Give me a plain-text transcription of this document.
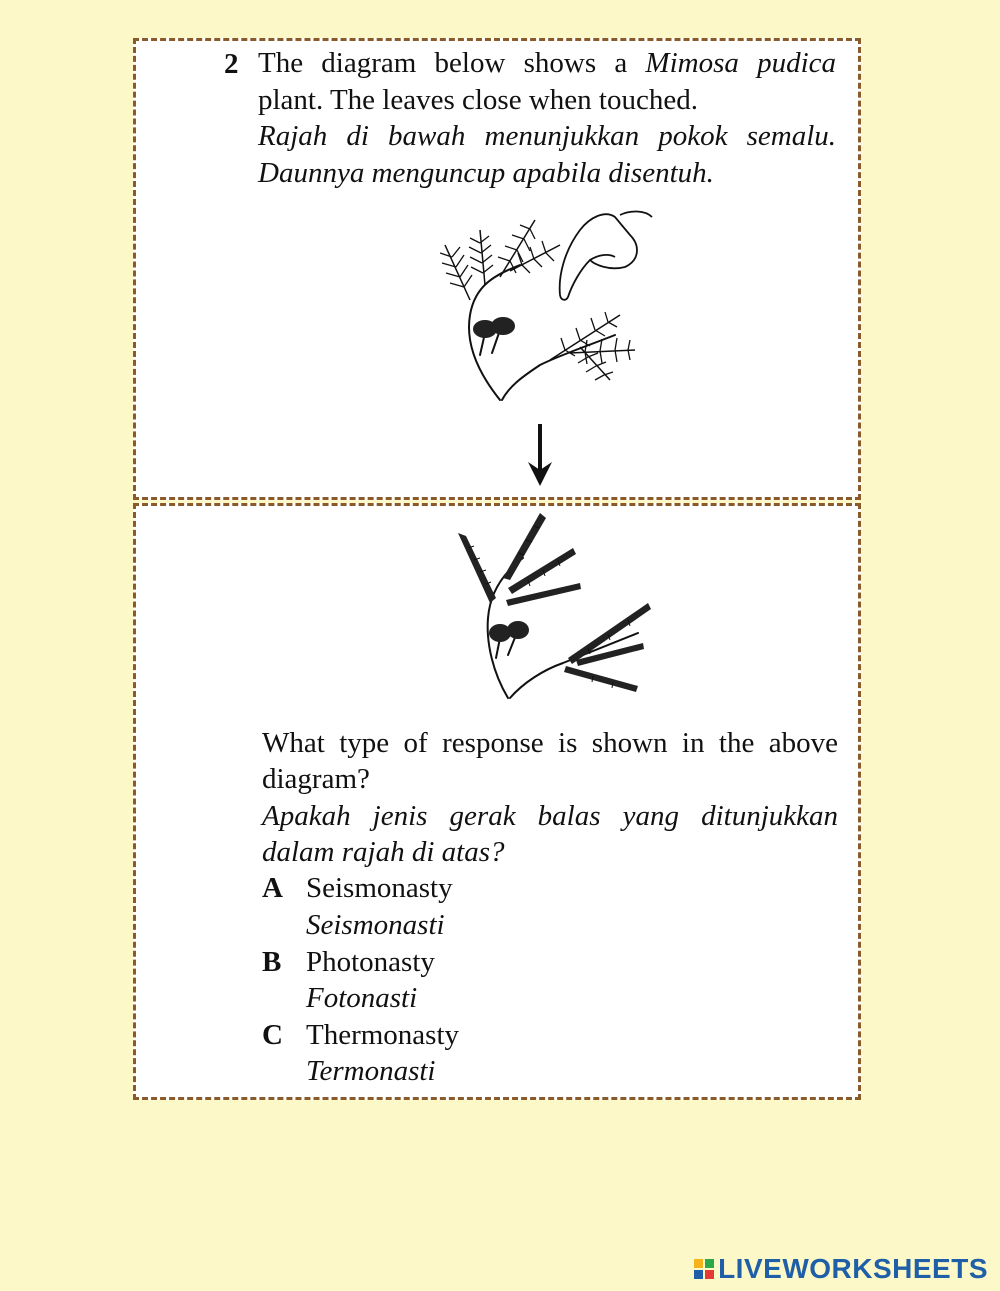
2 The diagram below shows a Mimosa pudica
plant. The leaves close when touched.
Rajah di bawah menunjukkan pokok semalu.
Daunnya menguncup apabila disentuh.
What type of response is shown in the above
diagram?
Apakah jenis gerak balas yang ditunjukkan
dalam rajah di atas?
A Seismonasty
Seismonasti
B Photonasty
Fotonasti
C Thermonasty
Termonasti
LIVEWORKSHEETS
